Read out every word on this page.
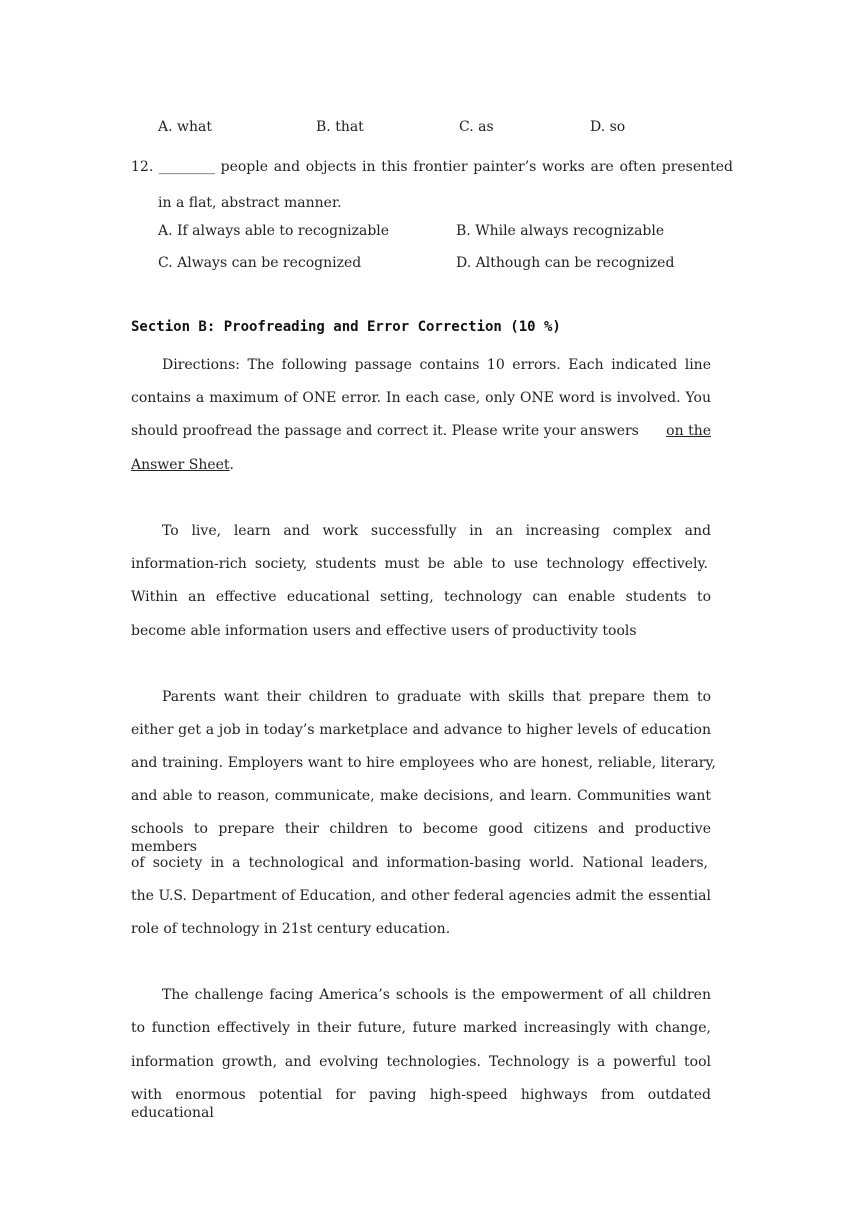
A. what	B. that	C. as	D. so
12. ________ people and objects in this frontier painter’s works are often presented
in a flat, abstract manner.
A. If always able to recognizable	B. While always recognizable
C. Always can be recognized	D. Although can be recognized
Section B: Proofreading and Error Correction (10 %)
Directions: The following passage contains 10 errors. Each indicated line
contains a maximum of ONE error. In each case, only ONE word is involved. You
should proofread the passage and correct it. Please write your answers on the
Answer Sheet.
To live, learn and work successfully in an increasing complex and
information-rich society, students must be able to use technology effectively.
Within an effective educational setting, technology can enable students to
become able information users and effective users of productivity tools
Parents want their children to graduate with skills that prepare them to
either get a job in today’s marketplace and advance to higher levels of education
and training. Employers want to hire employees who are honest, reliable, literary,
and able to reason, communicate, make decisions, and learn. Communities want
schools to prepare their children to become good citizens and productive members
of society in a technological and information-basing world. National leaders,
the U.S. Department of Education, and other federal agencies admit the essential
role of technology in 21st century education.
The challenge facing America’s schools is the empowerment of all children
to function effectively in their future, future marked increasingly with change,
information growth, and evolving technologies. Technology is a powerful tool
with enormous potential for paving high-speed highways from outdated educational
